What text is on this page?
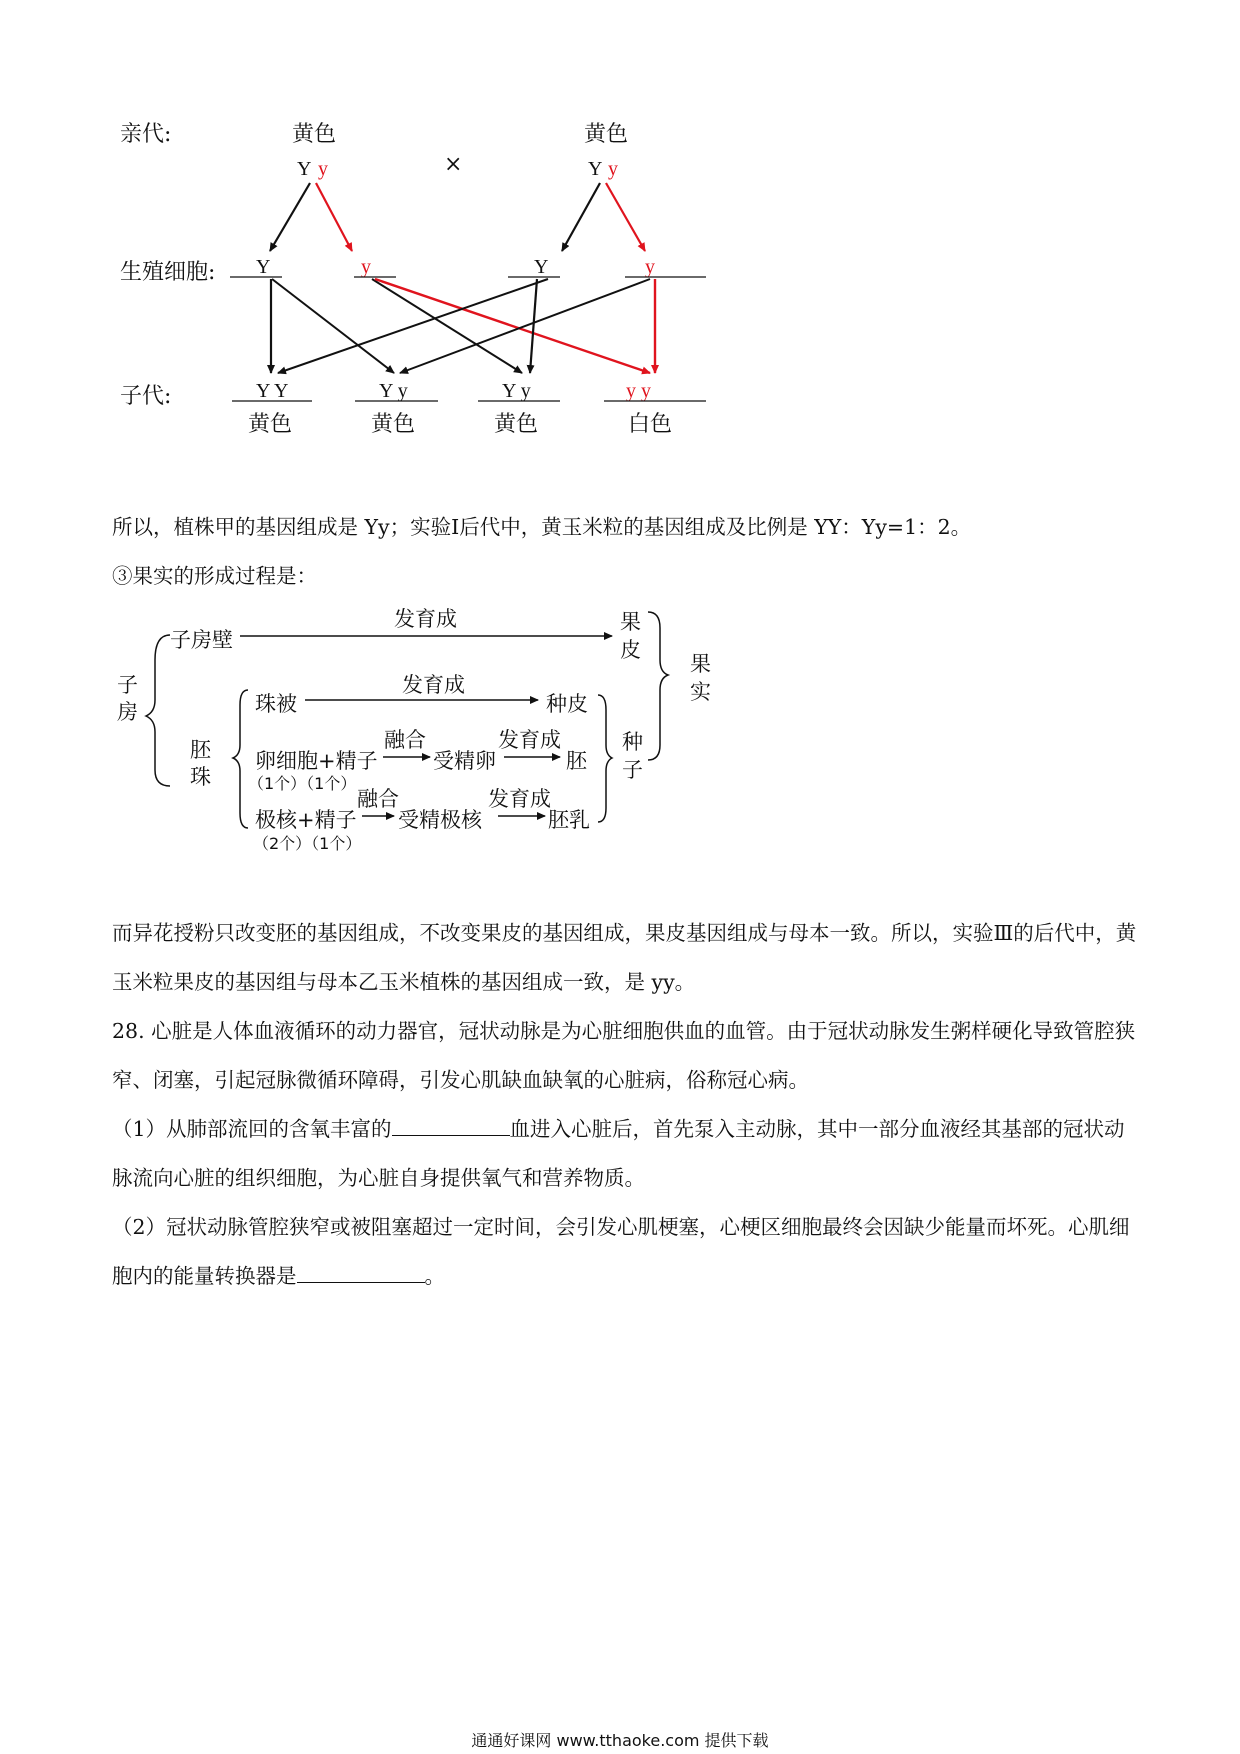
亲代:
生殖细胞:
子代:
黄色	黄色
Y y	×	Y y
Y	y	Y	y
Y Y	Y y	Y y	y y
黄色	黄色	黄色	白色

所以，植株甲的基因组成是 Yy；实验Ⅰ后代中，黄玉米粒的基因组成及比例是 YY：Yy=1：2。

③果实的形成过程是：

子房
子房壁
发育成	果皮
果实
胚珠
珠被
发育成
种皮
卵细胞+精子
融合
受精卵
发育成
胚
（1个）（1个）
极核+精子
融合
受精极核
发育成
胚乳
（2个）（1个）
种子

而异花授粉只改变胚的基因组成，不改变果皮的基因组成，果皮基因组成与母本一致。所以，实验Ⅲ的后代中，黄玉米粒果皮的基因组与母本乙玉米植株的基因组成一致，是 yy。

28. 心脏是人体血液循环的动力器官，冠状动脉是为心脏细胞供血的血管。由于冠状动脉发生粥样硬化导致管腔狭窄、闭塞，引起冠脉微循环障碍，引发心肌缺血缺氧的心脏病，俗称冠心病。

（1）从肺部流回的含氧丰富的	血进入心脏后，首先泵入主动脉，其中一部分血液经其基部的冠状动脉流向心脏的组织细胞，为心脏自身提供氧气和营养物质。

（2）冠状动脉管腔狭窄或被阻塞超过一定时间，会引发心肌梗塞，心梗区细胞最终会因缺少能量而坏死。心肌细胞内的能量转换器是	。

通通好课网 www.tthaoke.com 提供下载
